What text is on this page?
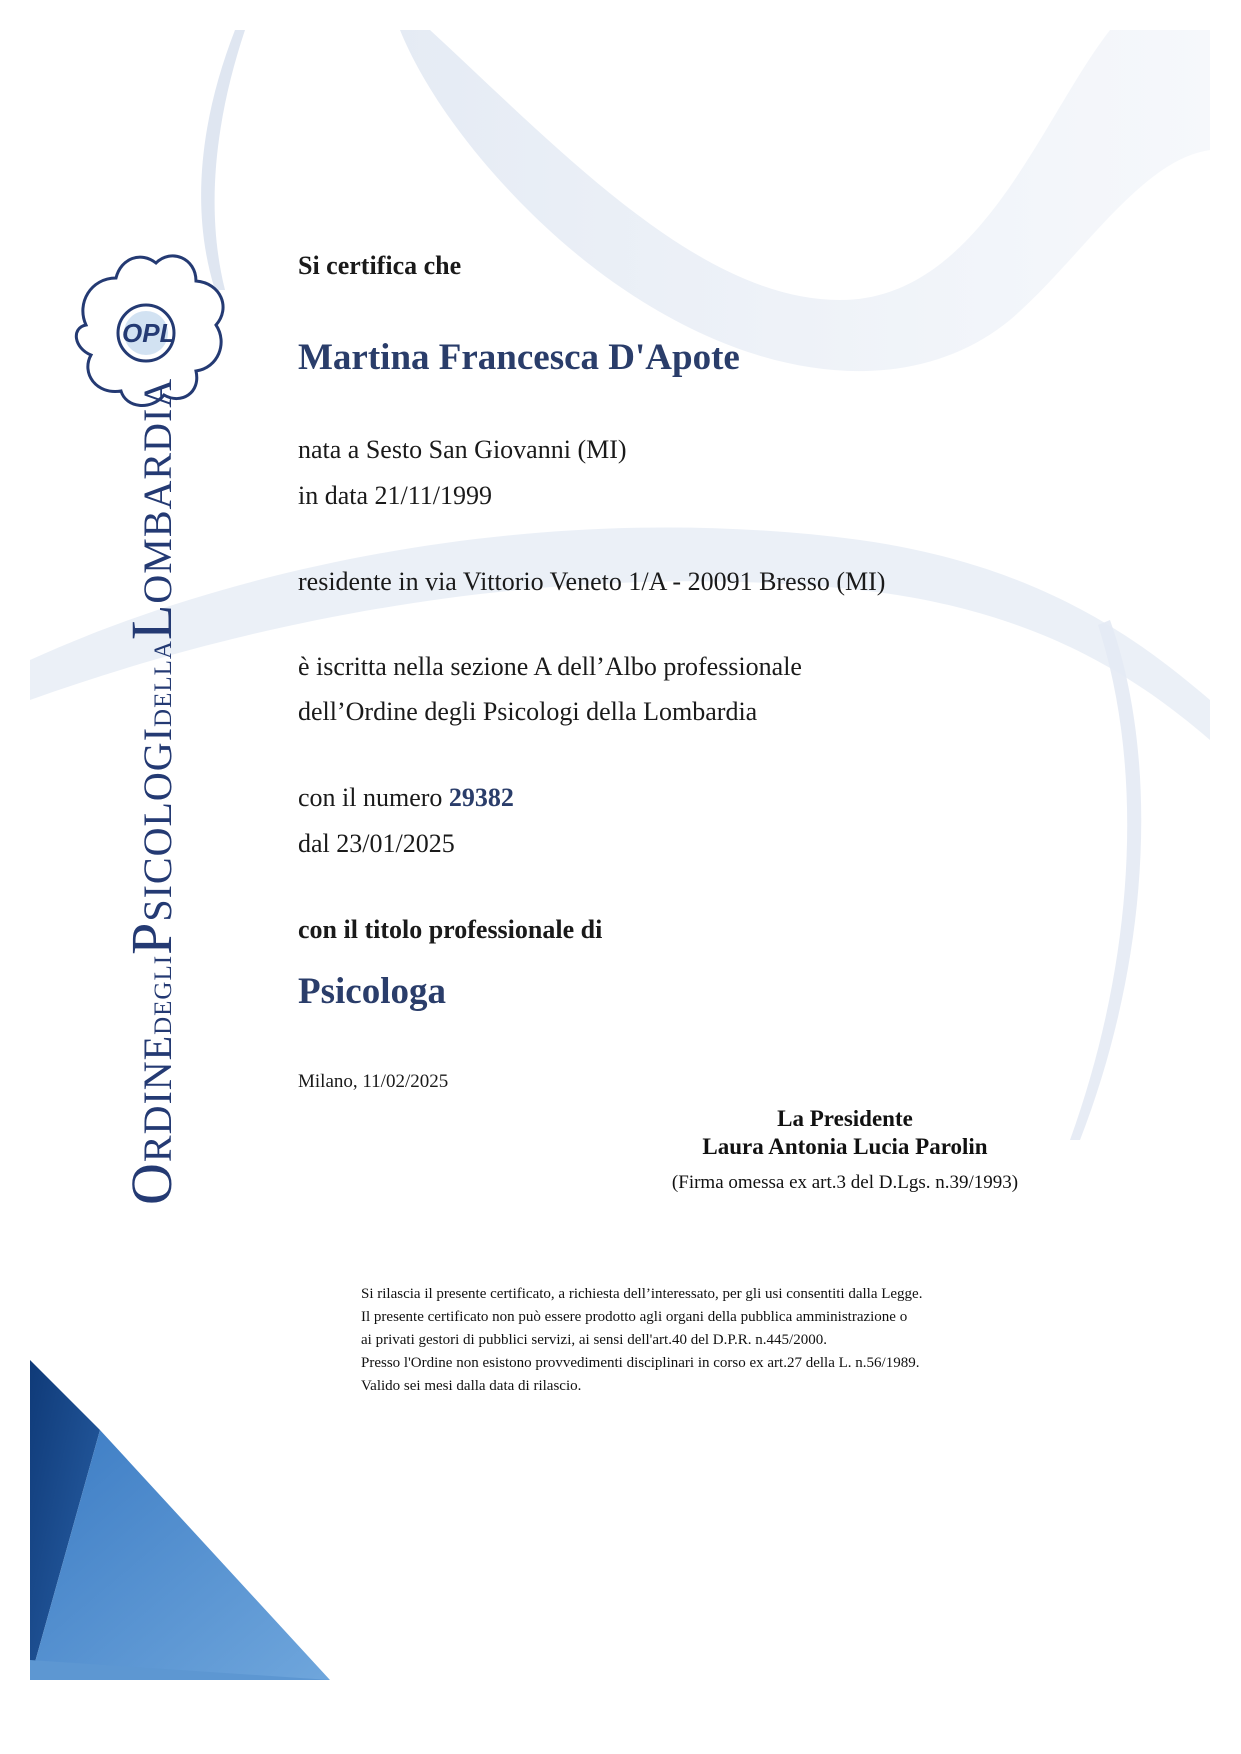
OPL
ORDINEDEGLIPSICOLOGIDELLALOMBARDIA
Si certifica che
Martina Francesca D'Apote
nata a Sesto San Giovanni (MI)
in data 21/11/1999
residente in via Vittorio Veneto 1/A - 20091 Bresso (MI)
è iscritta nella sezione A dell’Albo professionale
dell’Ordine degli Psicologi della Lombardia
con il numero 29382
dal 23/01/2025
con il titolo professionale di
Psicologa
Milano, 11/02/2025
La Presidente
Laura Antonia Lucia Parolin
(Firma omessa ex art.3 del D.Lgs. n.39/1993)
Si rilascia il presente certificato, a richiesta dell’interessato, per gli usi consentiti dalla Legge.
Il presente certificato non può essere prodotto agli organi della pubblica amministrazione o
ai privati gestori di pubblici servizi, ai sensi dell'art.40 del D.P.R. n.445/2000.
Presso l'Ordine non esistono provvedimenti disciplinari in corso ex art.27 della L. n.56/1989.
Valido sei mesi dalla data di rilascio.
